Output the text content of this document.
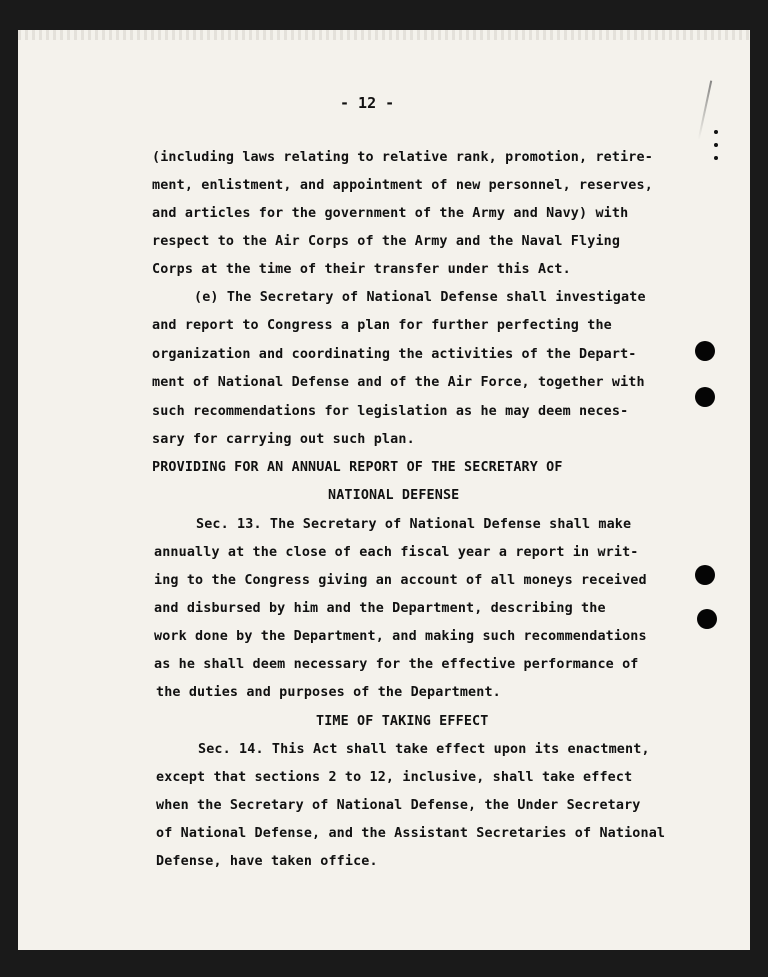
- 12 -
(including laws relating to relative rank, promotion, retire-
ment, enlistment, and appointment of new personnel, reserves,
and articles for the government of the Army and Navy) with
respect to the Air Corps of the Army and the Naval Flying
Corps at the time of their transfer under this Act.
(e) The Secretary of National Defense shall investigate
and report to Congress a plan for further perfecting the
organization and coordinating the activities of the Depart-
ment of National Defense and of the Air Force, together with
such recommendations for legislation as he may deem neces-
sary for carrying out such plan.
PROVIDING FOR AN ANNUAL REPORT OF THE SECRETARY OF
NATIONAL DEFENSE
Sec. 13. The Secretary of National Defense shall make
annually at the close of each fiscal year a report in writ-
ing to the Congress giving an account of all moneys received
and disbursed by him and the Department, describing the
work done by the Department, and making such recommendations
as he shall deem necessary for the effective performance of
the duties and purposes of the Department.
TIME OF TAKING EFFECT
Sec. 14. This Act shall take effect upon its enactment,
except that sections 2 to 12, inclusive, shall take effect
when the Secretary of National Defense, the Under Secretary
of National Defense, and the Assistant Secretaries of National
Defense, have taken office.
